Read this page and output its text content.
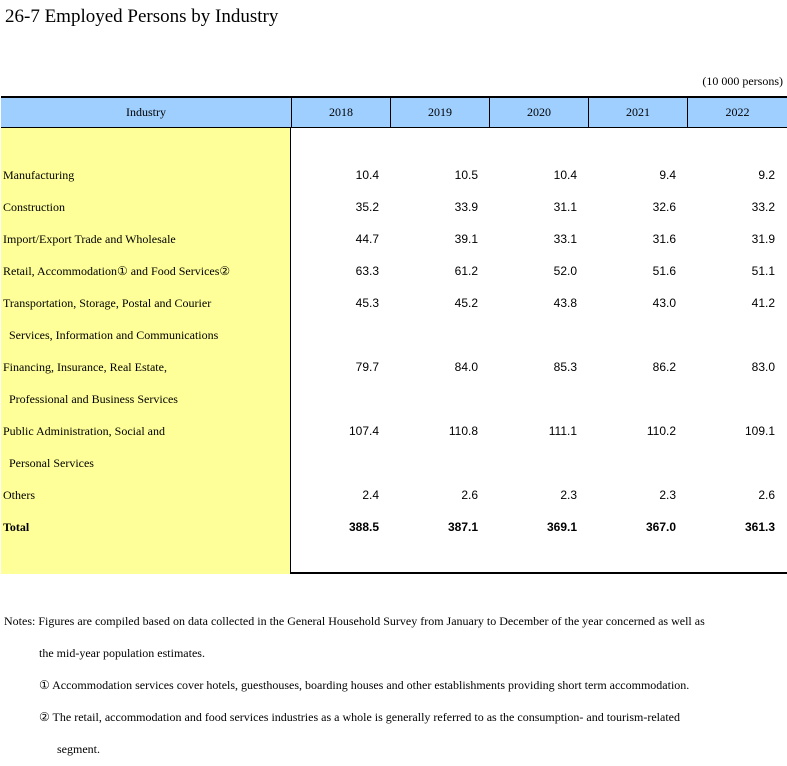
26-7 Employed Persons by Industry
(10 000 persons)
Industry	2018	2019	2020	2021	2022
Manufacturing	10.4	10.5	10.4	9.4	9.2
Construction	35.2	33.9	31.1	32.6	33.2
Import/Export Trade and Wholesale	44.7	39.1	33.1	31.6	31.9
Retail, Accommodation① and Food Services②	63.3	61.2	52.0	51.6	51.1
Transportation, Storage, Postal and Courier	45.3	45.2	43.8	43.0	41.2
Services, Information and Communications
Financing, Insurance, Real Estate,	79.7	84.0	85.3	86.2	83.0
Professional and Business Services
Public Administration, Social and	107.4	110.8	111.1	110.2	109.1
Personal Services
Others	2.4	2.6	2.3	2.3	2.6
Total	388.5	387.1	369.1	367.0	361.3
Notes: Figures are compiled based on data collected in the General Household Survey from January to December of the year concerned as well as
the mid-year population estimates.
① Accommodation services cover hotels, guesthouses, boarding houses and other establishments providing short term accommodation.
② The retail, accommodation and food services industries as a whole is generally referred to as the consumption- and tourism-related
segment.
